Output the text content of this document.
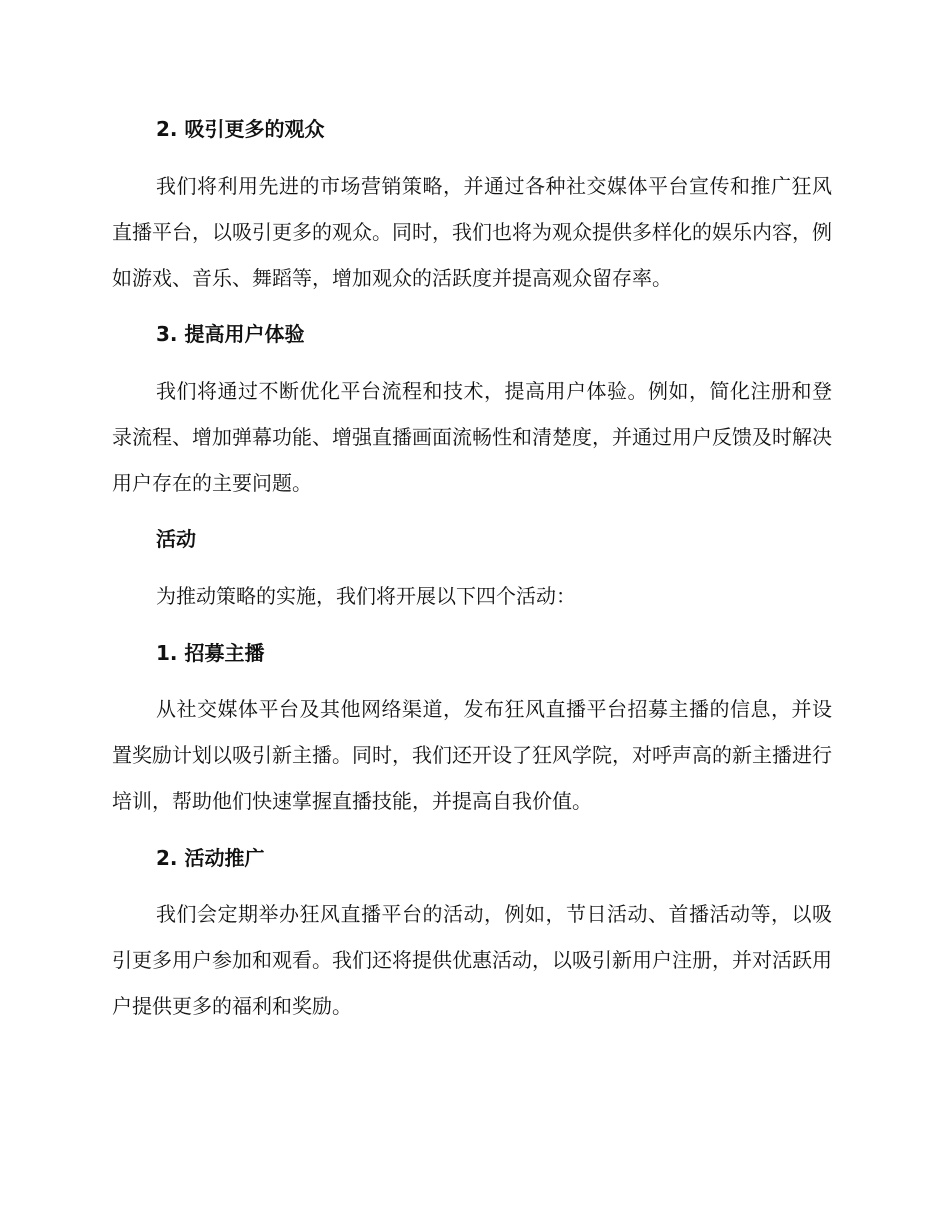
2. 吸引更多的观众

我们将利用先进的市场营销策略，并通过各种社交媒体平台宣传和推广狂风直播平台，以吸引更多的观众。同时，我们也将为观众提供多样化的娱乐内容，例如游戏、音乐、舞蹈等，增加观众的活跃度并提高观众留存率。

3. 提高用户体验

我们将通过不断优化平台流程和技术，提高用户体验。例如，简化注册和登录流程、增加弹幕功能、增强直播画面流畅性和清楚度，并通过用户反馈及时解决用户存在的主要问题。

活动
为推动策略的实施，我们将开展以下四个活动：
1. 招募主播

从社交媒体平台及其他网络渠道，发布狂风直播平台招募主播的信息，并设置奖励计划以吸引新主播。同时，我们还开设了狂风学院，对呼声高的新主播进行培训，帮助他们快速掌握直播技能，并提高自我价值。

2. 活动推广

我们会定期举办狂风直播平台的活动，例如，节日活动、首播活动等，以吸引更多用户参加和观看。我们还将提供优惠活动，以吸引新用户注册，并对活跃用户提供更多的福利和奖励。
